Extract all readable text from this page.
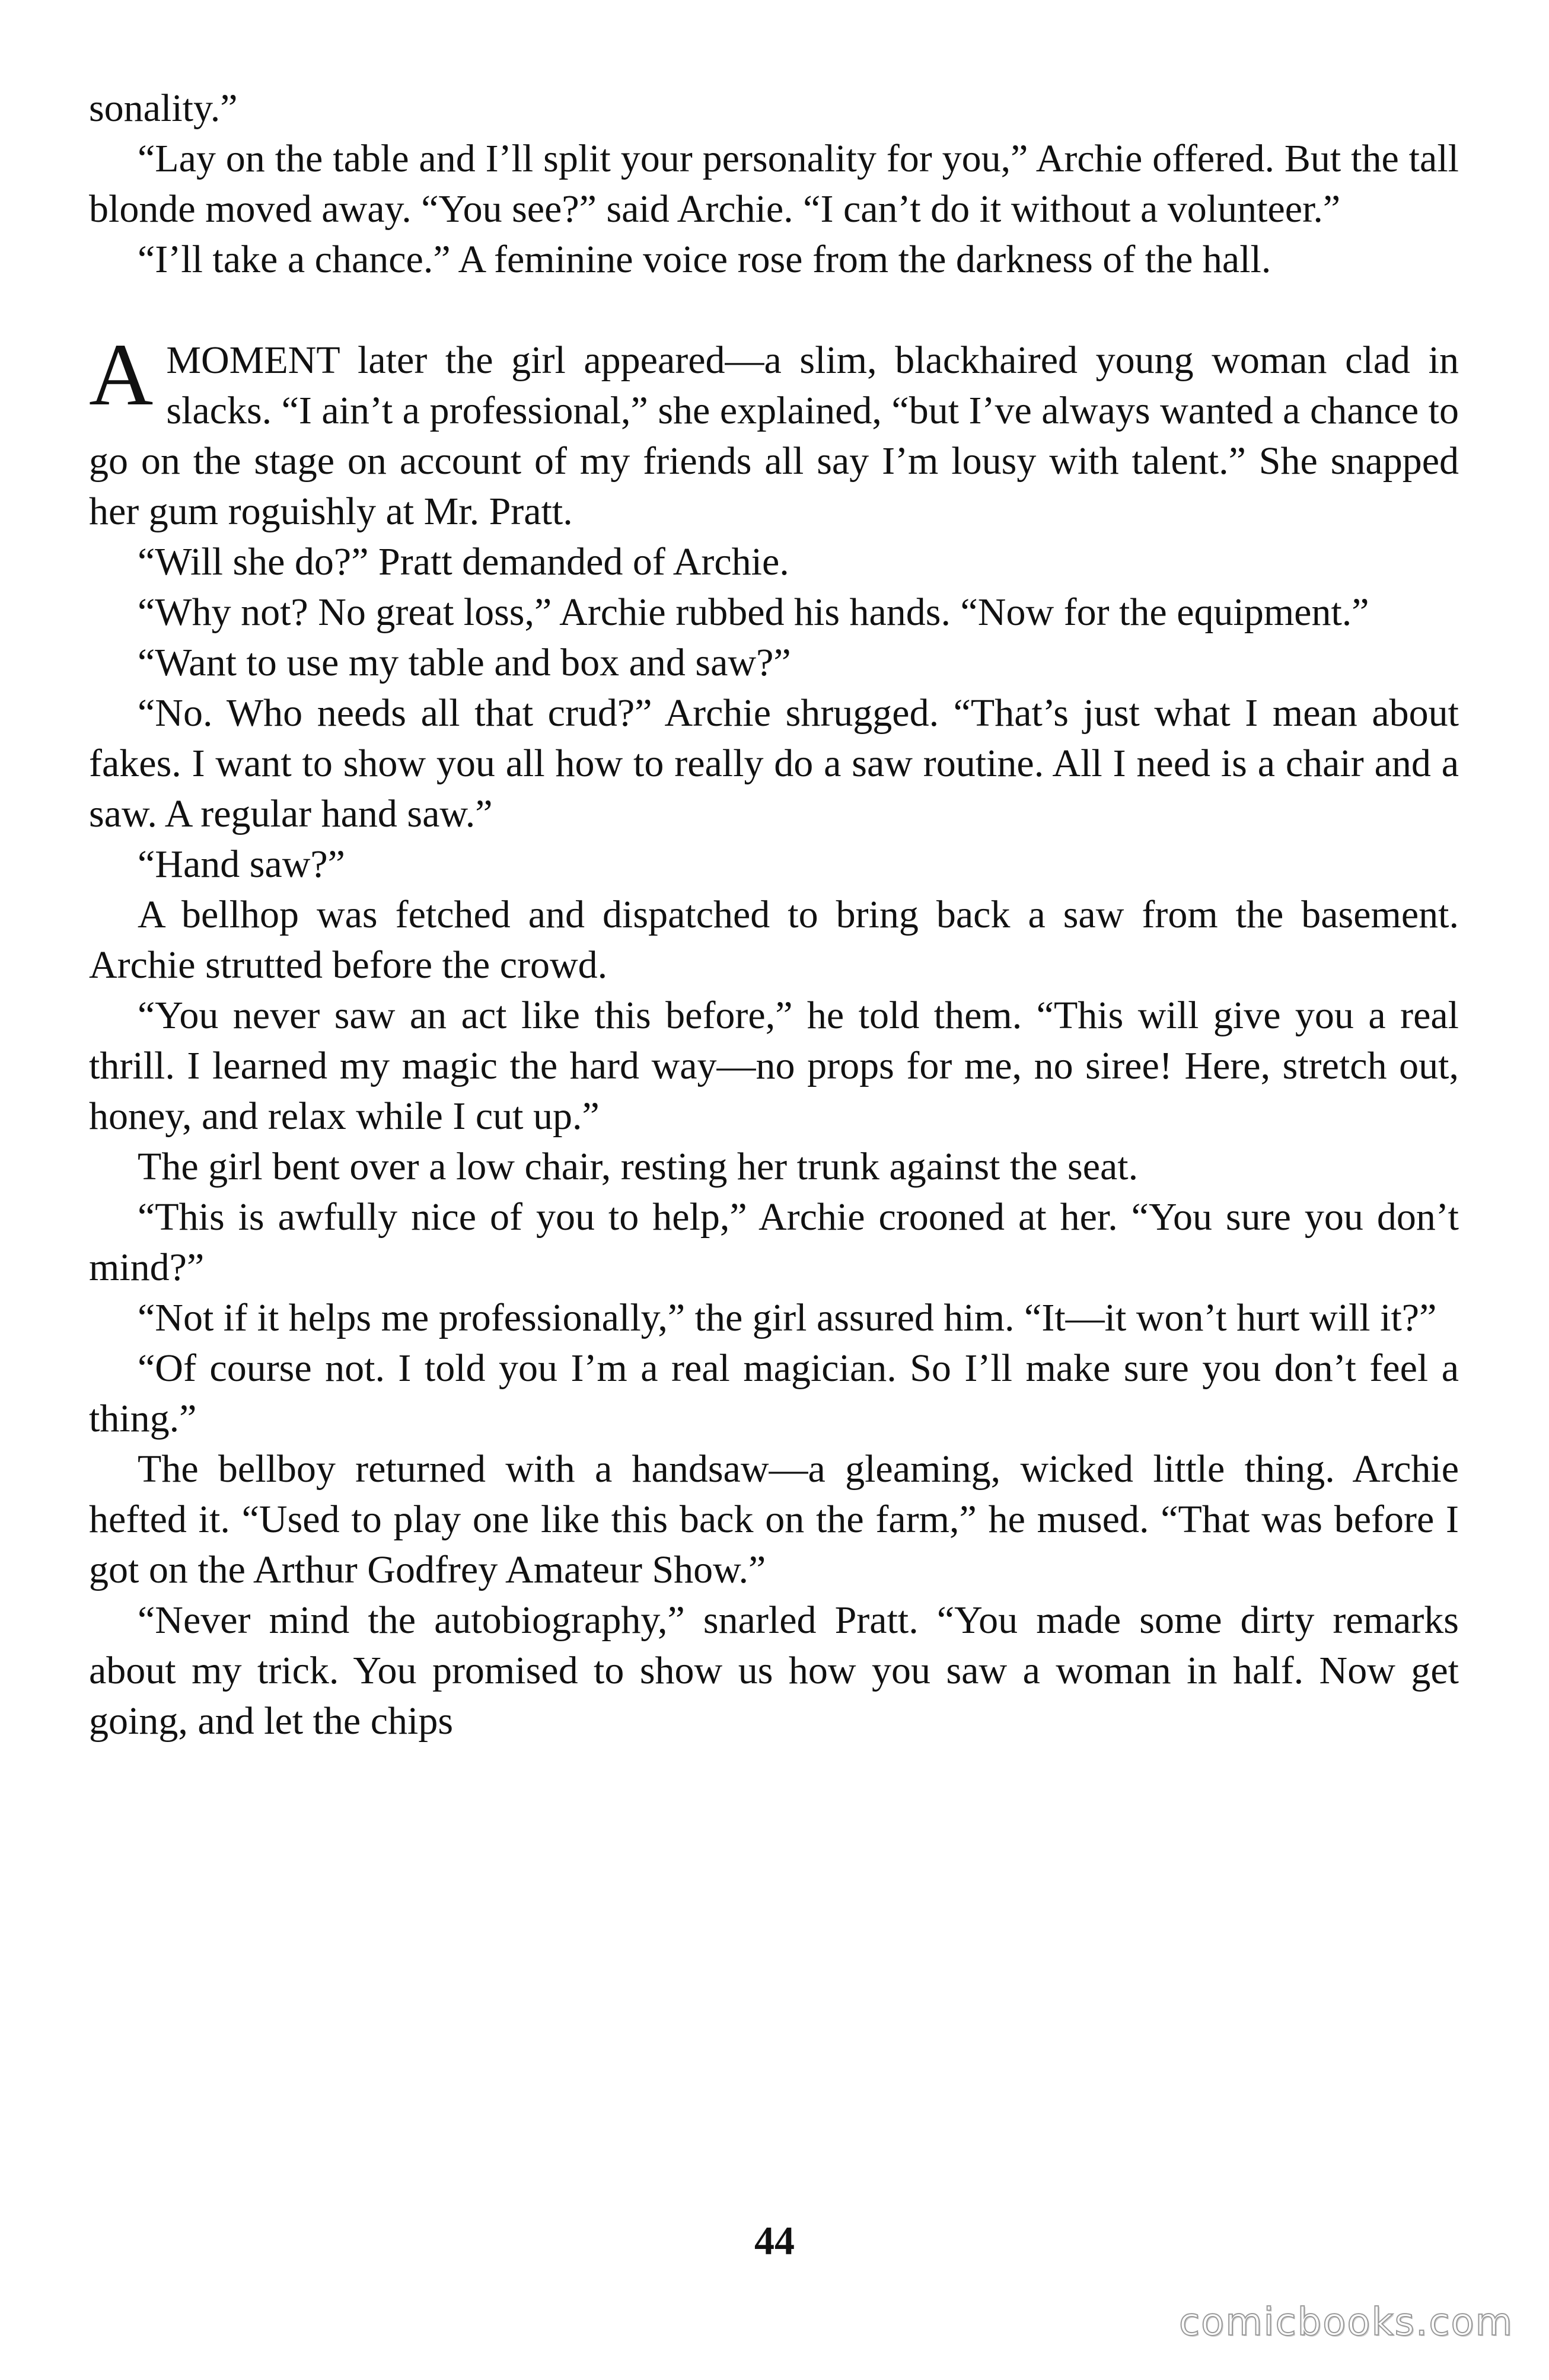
sonality.”

“Lay on the table and I’ll split your personality for you,” Archie offered. But the tall blonde moved away. “You see?” said Archie. “I can’t do it without a volunteer.”

“I’ll take a chance.” A feminine voice rose from the darkness of the hall.

A MOMENT later the girl appeared—a slim, blackhaired young woman clad in slacks. “I ain’t a professional,” she explained, “but I’ve always wanted a chance to go on the stage on account of my friends all say I’m lousy with talent.” She snapped her gum roguishly at Mr. Pratt.

“Will she do?” Pratt demanded of Archie.

“Why not? No great loss,” Archie rubbed his hands. “Now for the equipment.”

“Want to use my table and box and saw?”

“No. Who needs all that crud?” Archie shrugged. “That’s just what I mean about fakes. I want to show you all how to really do a saw routine. All I need is a chair and a saw. A regular hand saw.”

“Hand saw?”

A bellhop was fetched and dispatched to bring back a saw from the basement. Archie strutted before the crowd.

“You never saw an act like this before,” he told them. “This will give you a real thrill. I learned my magic the hard way—no props for me, no siree! Here, stretch out, honey, and relax while I cut up.”

The girl bent over a low chair, resting her trunk against the seat.

“This is awfully nice of you to help,” Archie crooned at her. “You sure you don’t mind?”

“Not if it helps me professionally,” the girl assured him. “It—it won’t hurt will it?”

“Of course not. I told you I’m a real magician. So I’ll make sure you don’t feel a thing.”

The bellboy returned with a handsaw—a gleaming, wicked little thing. Archie hefted it. “Used to play one like this back on the farm,” he mused. “That was before I got on the Arthur Godfrey Amateur Show.”

“Never mind the autobiography,” snarled Pratt. “You made some dirty remarks about my trick. You promised to show us how you saw a woman in half. Now get going, and let the chips

44
comicbooks.com
